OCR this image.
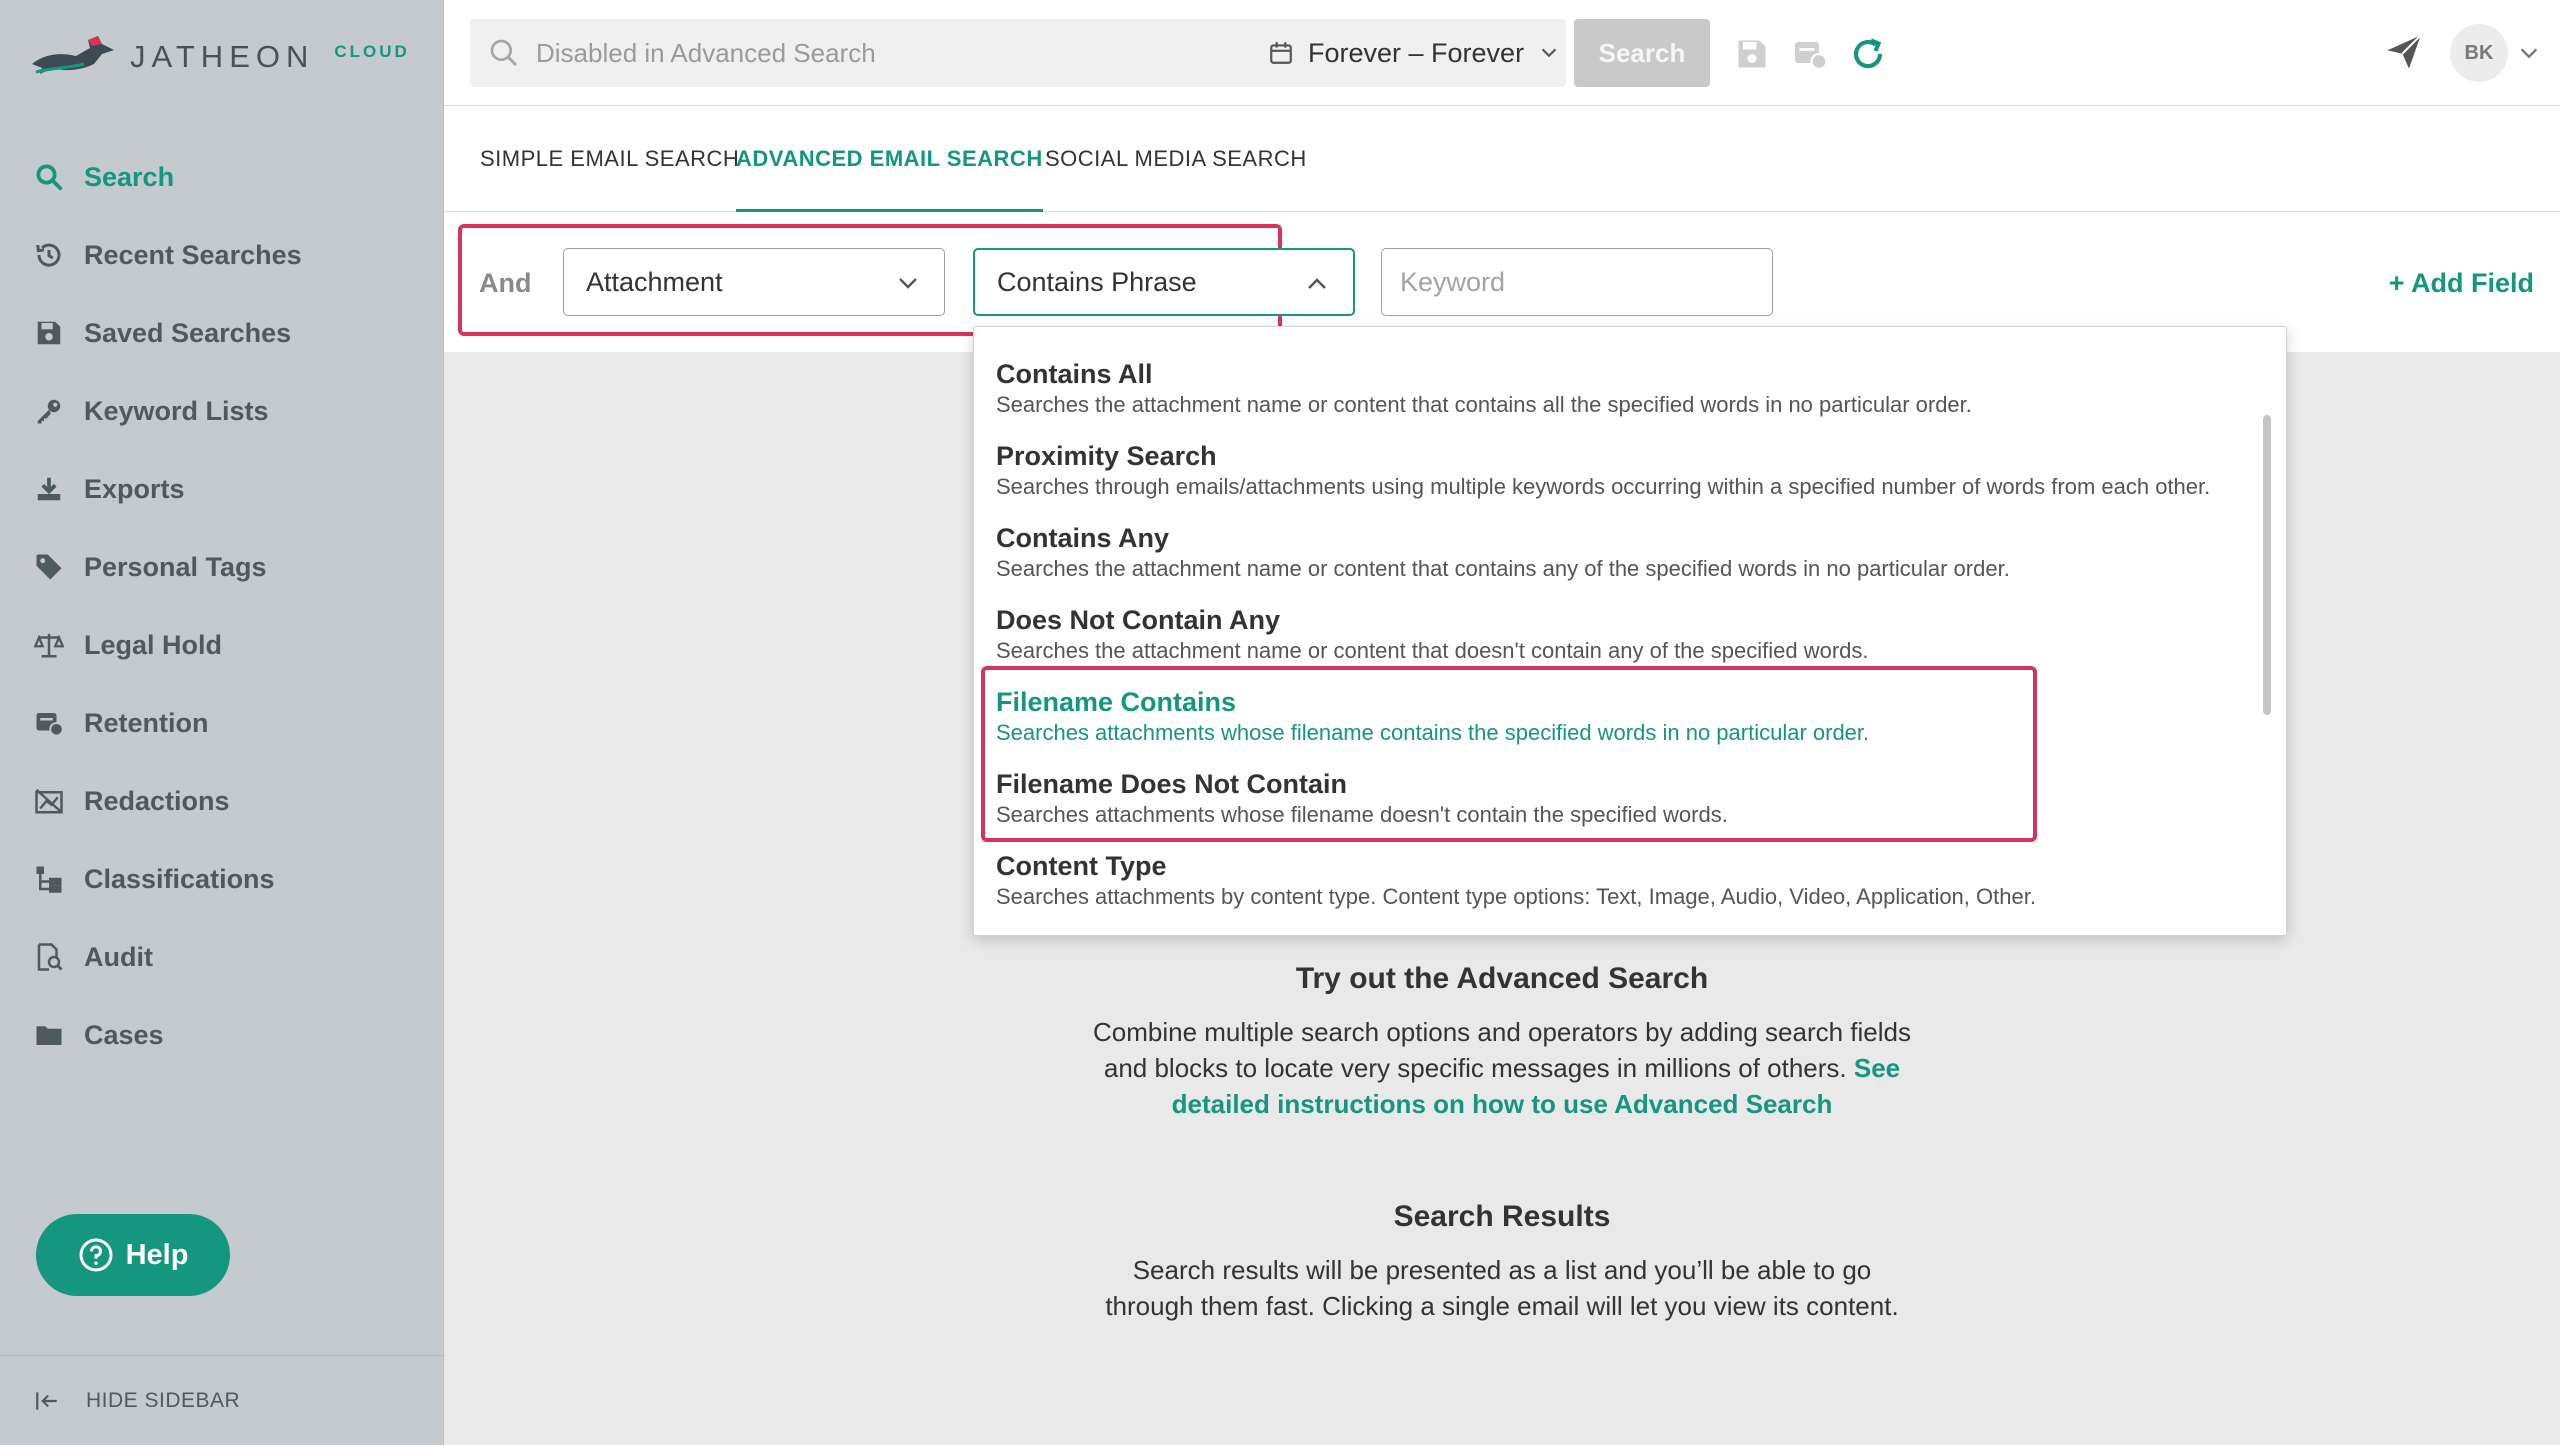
JATHEON CLOUD
Search
Recent Searches
Saved Searches
Keyword Lists
Exports
Personal Tags
Legal Hold
Retention
Redactions
Classifications
Audit
Cases
Help
HIDE SIDEBAR
Disabled in Advanced Search	Forever – Forever	Search	BK
SIMPLE EMAIL SEARCH
ADVANCED EMAIL SEARCH SOCIAL MEDIA SEARCH
And Attachment	Contains Phrase
Keyword	+ Add Field
Try out the Advanced Search
Combine multiple search options and operators by adding search fields and blocks to locate very specific messages in millions of others. See detailed instructions on how to use Advanced Search
Search Results
Search results will be presented as a list and you’ll be able to go through them fast. Clicking a single email will let you view its content.
Contains All
Searches the attachment name or content that contains all the specified words in no particular order.
Proximity Search
Searches through emails/attachments using multiple keywords occurring within a specified number of words from each other.
Contains Any
Searches the attachment name or content that contains any of the specified words in no particular order.
Does Not Contain Any
Searches the attachment name or content that doesn't contain any of the specified words.
Filename Contains
Searches attachments whose filename contains the specified words in no particular order.
Filename Does Not Contain
Searches attachments whose filename doesn't contain the specified words.
Content Type
Searches attachments by content type. Content type options: Text, Image, Audio, Video, Application, Other.
